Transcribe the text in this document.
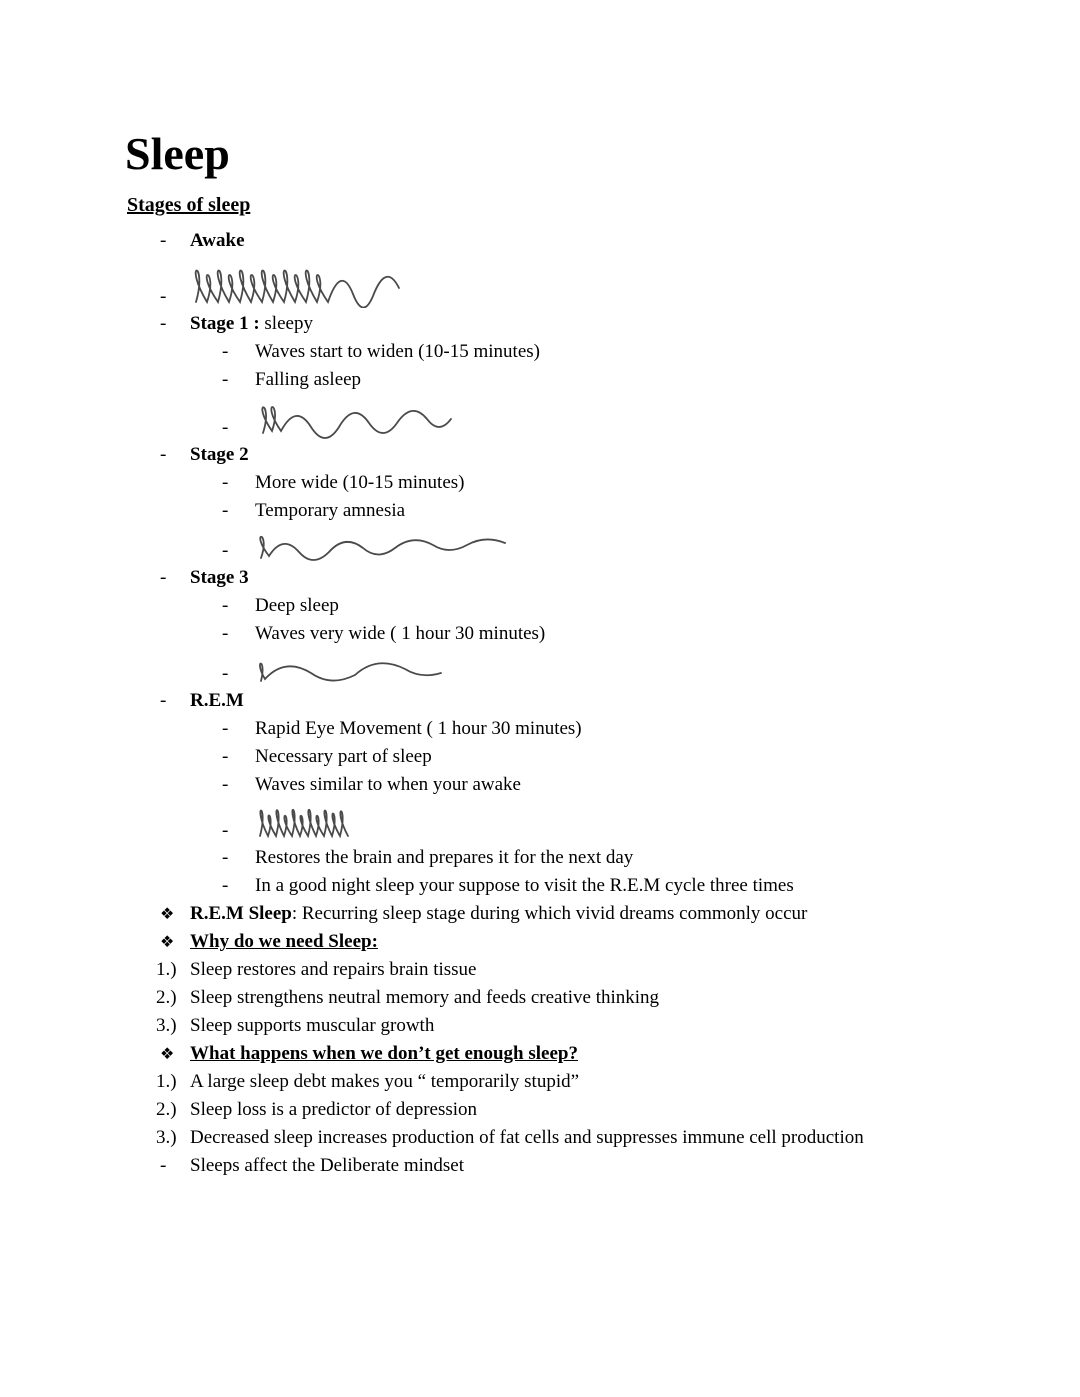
Sleep
Stages of sleep
-	Awake
-
-	Stage 1 : sleepy
-	Waves start to widen (10-15 minutes)
-	Falling asleep
-
-	Stage 2
-	More wide (10-15 minutes)
-	Temporary amnesia
-
-	Stage 3
-	Deep sleep
-	Waves very wide ( 1 hour 30 minutes)
-
-	R.E.M
-	Rapid Eye Movement ( 1 hour 30 minutes)
-	Necessary part of sleep
-	Waves similar to when your awake
-
-	Restores the brain and prepares it for the next day
-	In a good night sleep your suppose to visit the R.E.M cycle three times
❖ R.E.M Sleep: Recurring sleep stage during which vivid dreams commonly occur
❖ Why do we need Sleep:
1.) Sleep restores and repairs brain tissue
2.) Sleep strengthens neutral memory and feeds creative thinking
3.) Sleep supports muscular growth
❖ What happens when we don’t get enough sleep?
1.) A large sleep debt makes you “ temporarily stupid”
2.) Sleep loss is a predictor of depression
3.) Decreased sleep increases production of fat cells and suppresses immune cell production
-	Sleeps affect the Deliberate mindset
